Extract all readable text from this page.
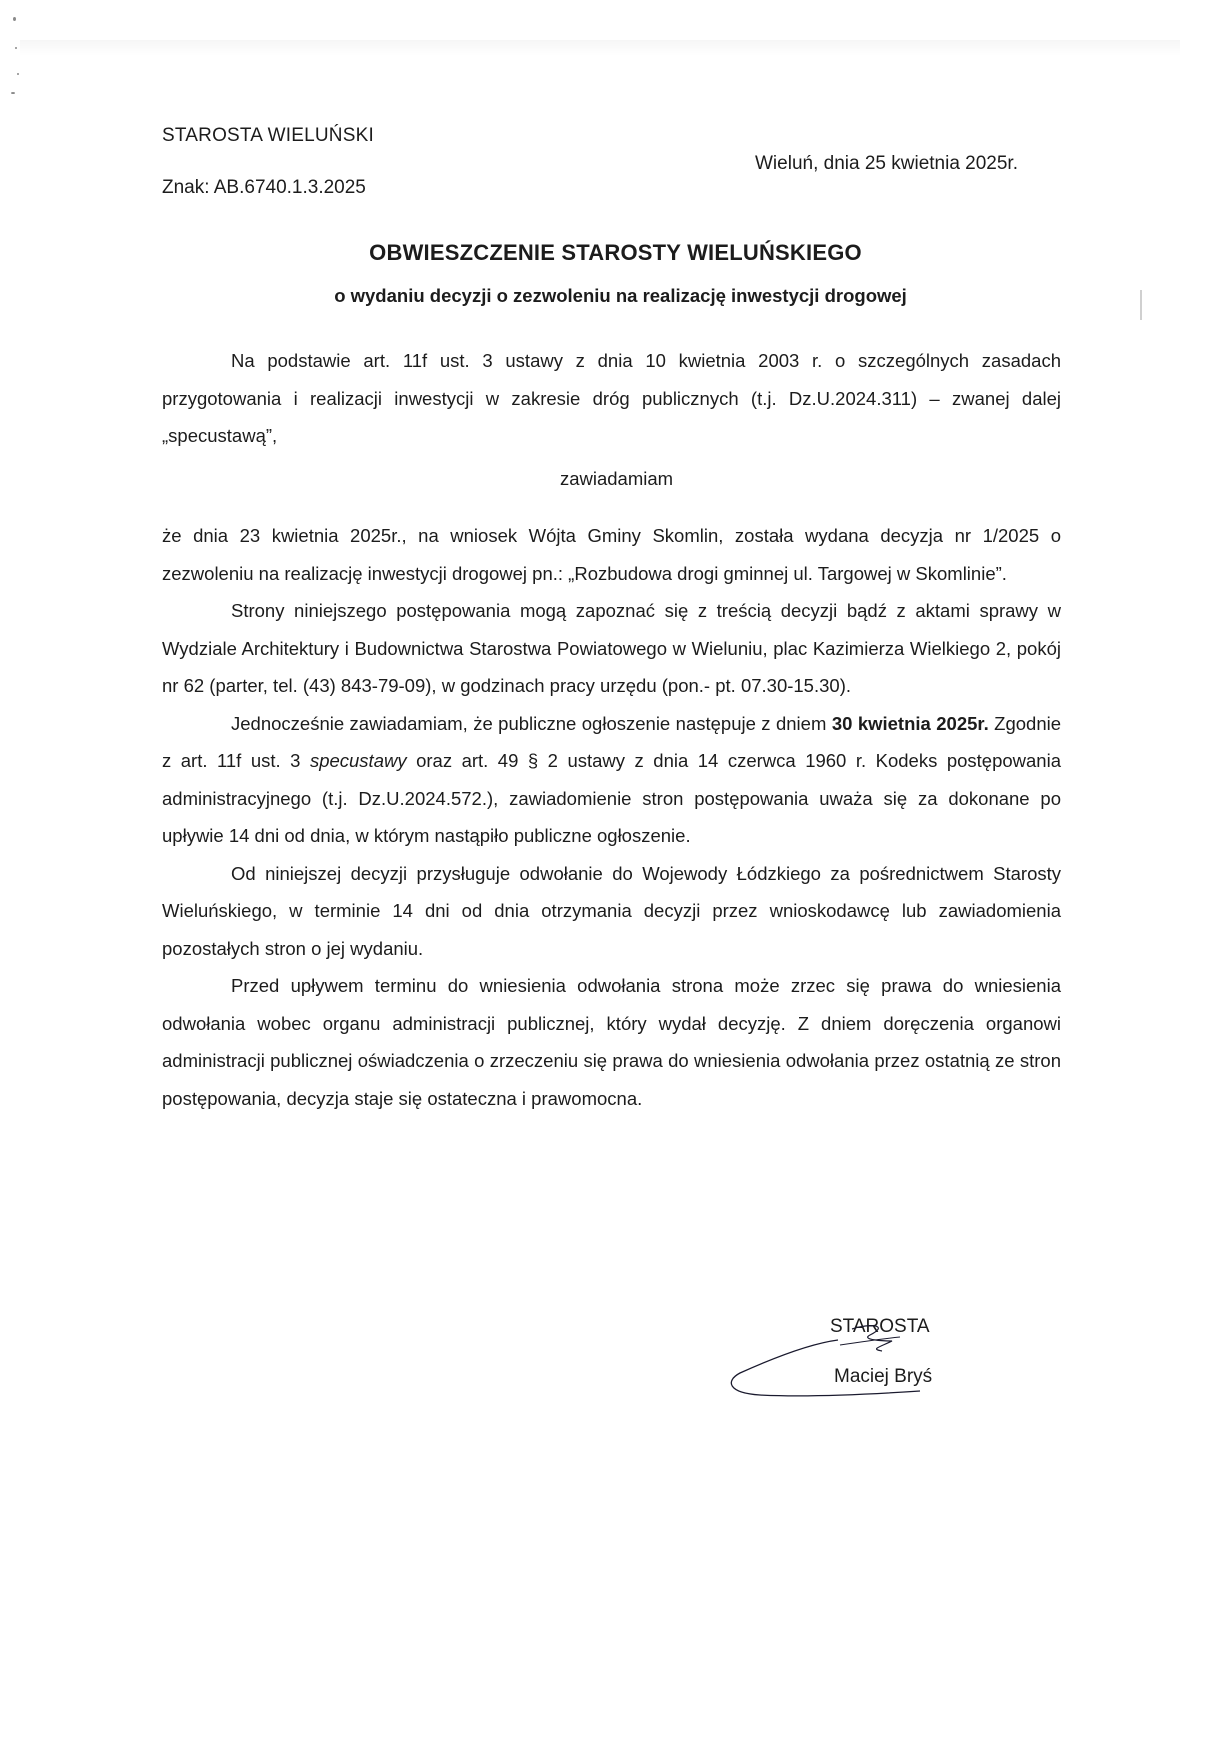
STAROSTA WIELUŃSKI
Wieluń, dnia 25 kwietnia 2025r.
Znak: AB.6740.1.3.2025
OBWIESZCZENIE STAROSTY WIELUŃSKIEGO
o wydaniu decyzji o zezwoleniu na realizację inwestycji drogowej

Na podstawie art. 11f ust. 3 ustawy z dnia 10 kwietnia 2003 r. o szczególnych zasadach przygotowania i realizacji inwestycji w zakresie dróg publicznych (t.j. Dz.U.2024.311) – zwanej dalej „specustawą”,

zawiadamiam

że dnia 23 kwietnia 2025r., na wniosek Wójta Gminy Skomlin, została wydana decyzja nr 1/2025 o zezwoleniu na realizację inwestycji drogowej pn.: „Rozbudowa drogi gminnej ul. Targowej w Skomlinie”.

Strony niniejszego postępowania mogą zapoznać się z treścią decyzji bądź z aktami sprawy w Wydziale Architektury i Budownictwa Starostwa Powiatowego w Wieluniu, plac Kazimierza Wielkiego 2, pokój nr 62 (parter, tel. (43) 843-79-09), w godzinach pracy urzędu (pon.- pt. 07.30-15.30).

Jednocześnie zawiadamiam, że publiczne ogłoszenie następuje z dniem 30 kwietnia 2025r. Zgodnie z art. 11f ust. 3 specustawy oraz art. 49 § 2 ustawy z dnia 14 czerwca 1960 r. Kodeks postępowania administracyjnego (t.j. Dz.U.2024.572.), zawiadomienie stron postępowania uważa się za dokonane po upływie 14 dni od dnia, w którym nastąpiło publiczne ogłoszenie.

Od niniejszej decyzji przysługuje odwołanie do Wojewody Łódzkiego za pośrednictwem Starosty Wieluńskiego, w terminie 14 dni od dnia otrzymania decyzji przez wnioskodawcę lub zawiadomienia pozostałych stron o jej wydaniu.

Przed upływem terminu do wniesienia odwołania strona może zrzec się prawa do wniesienia odwołania wobec organu administracji publicznej, który wydał decyzję. Z dniem doręczenia organowi administracji publicznej oświadczenia o zrzeczeniu się prawa do wniesienia odwołania przez ostatnią ze stron postępowania, decyzja staje się ostateczna i prawomocna.

STAROSTA
Maciej Bryś
